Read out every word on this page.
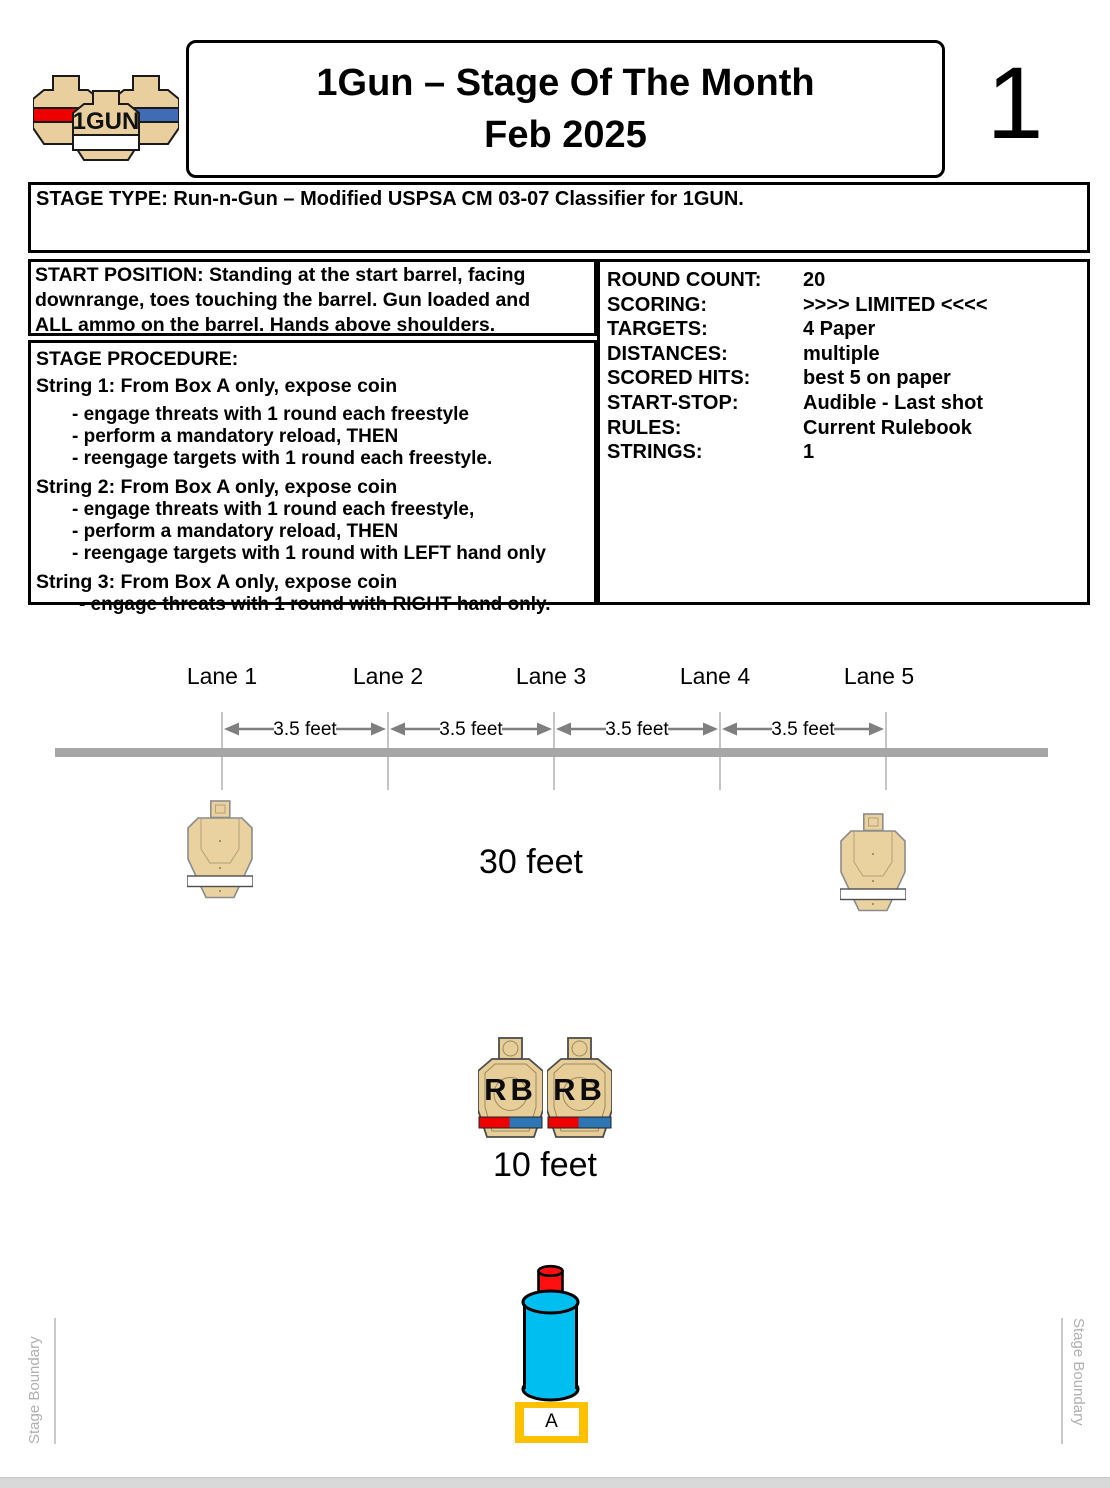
1GUN
1Gun – Stage Of The Month
Feb 2025	1
STAGE TYPE: Run-n-Gun – Modified USPSA CM 03-07 Classifier for 1GUN.
START POSITION: Standing at the start barrel, facing
downrange, toes touching the barrel. Gun loaded and
ALL ammo on the barrel. Hands above shoulders.
ROUND COUNT:	20
SCORING:	>>>> LIMITED <<<<
TARGETS:	4 Paper
DISTANCES:	multiple
SCORED HITS:	best 5 on paper
START-STOP:	Audible - Last shot
RULES:	Current Rulebook
STRINGS:	1
STAGE PROCEDURE:
String 1: From Box A only, expose coin
- engage threats with 1 round each freestyle
- perform a mandatory reload, THEN
- reengage targets with 1 round each freestyle.
String 2: From Box A only, expose coin
- engage threats with 1 round each freestyle,
- perform a mandatory reload, THEN
- reengage targets with 1 round with LEFT hand only
String 3: From Box A only, expose coin
- engage threats with 1 round with RIGHT hand only.
Lane 1	Lane 2	Lane 3	Lane 4	Lane 5
3.5 feet	3.5 feet	3.5 feet	3.5 feet
30 feet
10 feet
RB RB
A
Stage Boundary	Stage Boundary
